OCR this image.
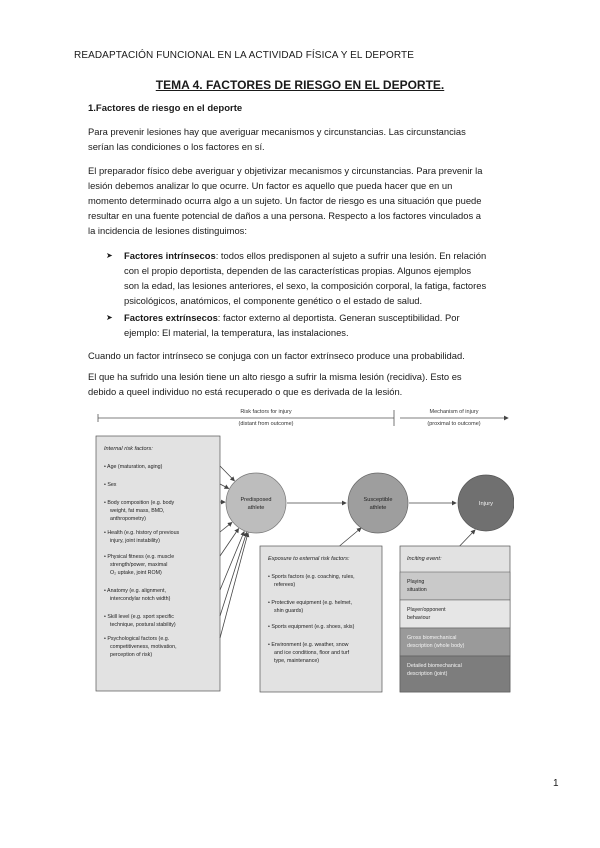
READAPTACIÓN FUNCIONAL EN LA ACTIVIDAD FÍSICA Y EL DEPORTE
TEMA 4. FACTORES DE RIESGO EN EL DEPORTE.
1.Factores de riesgo en el deporte
Para prevenir lesiones hay que averiguar mecanismos y circunstancias. Las circunstancias
serían las condiciones o los factores en sí.
El preparador físico debe averiguar y objetivizar mecanismos y circunstancias. Para prevenir la
lesión debemos analizar lo que ocurre. Un factor es aquello que pueda hacer que en un
momento determinado ocurra algo a un sujeto. Un factor de riesgo es una situación que puede
resultar en una fuente potencial de daños a una persona. Respecto a los factores vinculados a
la incidencia de lesiones distinguimos:
➤ Factores intrínsecos: todos ellos predisponen al sujeto a sufrir una lesión. En relación
con el propio deportista, dependen de las características propias. Algunos ejemplos
son la edad, las lesiones anteriores, el sexo, la composición corporal, la fatiga, factores
psicológicos, anatómicos, el componente genético o el estado de salud.
➤ Factores extrínsecos: factor externo al deportista. Generan susceptibilidad. Por
ejemplo: El material, la temperatura, las instalaciones.
Cuando un factor intrínseco se conjuga con un factor extrínseco produce una probabilidad.
El que ha sufrido una lesión tiene un alto riesgo a sufrir la misma lesión (recidiva). Esto es
debido a queel individuo no está recuperado o que es derivada de la lesión.
Risk factors for injury
(distant from outcome)
Mechanism of injury
(proximal to outcome)
Internal risk factors:
• Age (maturation, aging)
• Sex
• Body composition (e.g. body
weight, fat mass, BMD,
anthropometry)
• Health (e.g. history of previous
injury, joint instability)
• Physical fitness (e.g. muscle
strength/power, maximal
O₂ uptake, joint ROM)
• Anatomy (e.g. alignment,
intercondylar notch width)
• Skill level (e.g. sport specific
technique, postural stability)
• Psychological factors (e.g.
competitiveness, motivation,
perception of risk)
Predisposed
athlete
Susceptible
athlete
Injury
Exposure to external risk factors:
• Sports factors (e.g. coaching, rules,
referees)
• Protective equipment (e.g. helmet,
shin guards)
• Sports equipment (e.g. shoes, skis)
• Environment (e.g. weather, snow
and ice conditions, floor and turf
type, maintenance)
Inciting event:
Playing
situation
Player/opponent
behaviour
Gross biomechanical
description (whole body)
Detailed biomechanical
description (joint)
1
